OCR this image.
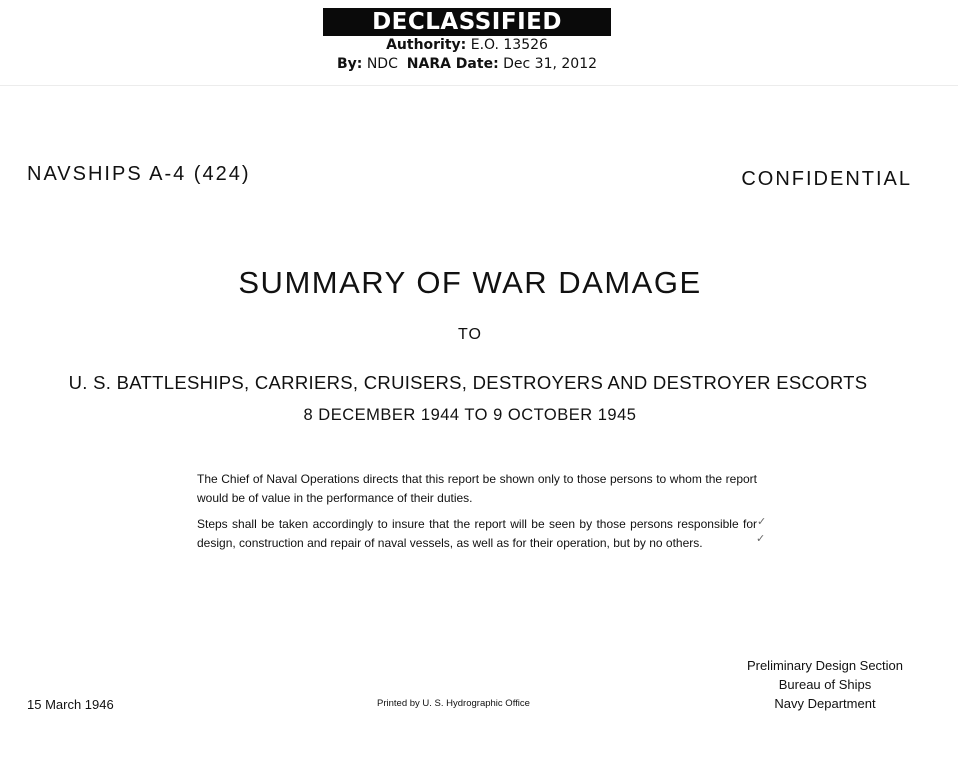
DECLASSIFIED
Authority: E.O. 13526
By: NDC NARA Date: Dec 31, 2012
NAVSHIPS A-4 (424)	CONFIDENTIAL
SUMMARY OF WAR DAMAGE
TO
U. S. BATTLESHIPS, CARRIERS, CRUISERS, DESTROYERS AND DESTROYER ESCORTS
8 DECEMBER 1944 TO 9 OCTOBER 1945

The Chief of Naval Operations directs that this report be shown only to those persons to whom the report would be of value in the performance of their duties.

Steps shall be taken accordingly to insure that the report will be seen by those persons responsible for design, construction and repair of naval vessels, as well as for their operation, but by no others.

✓
✓
15 March 1946	Printed by U. S. Hydrographic Office
Preliminary Design Section
Bureau of Ships
Navy Department
